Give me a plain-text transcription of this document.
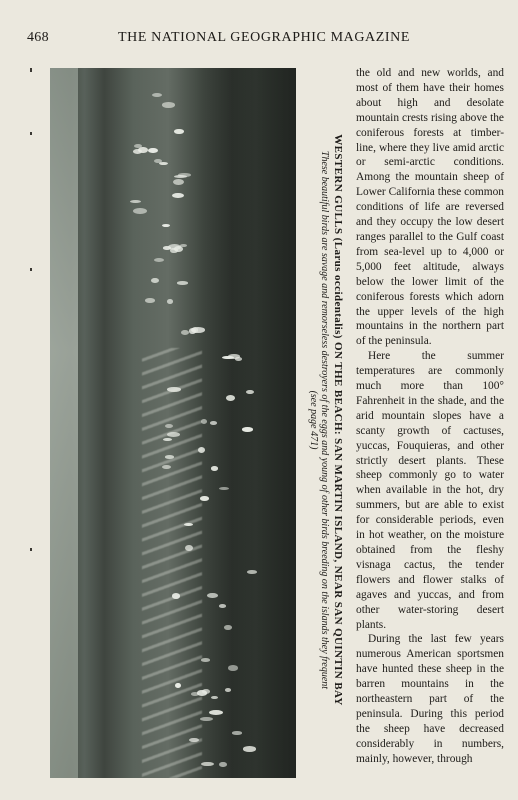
468	THE NATIONAL GEOGRAPHIC MAGAZINE
WESTERN GULLS (Larus occidentalis) ON THE BEACH: SAN MARTIN ISLAND, NEAR SAN QUINTIN BAY
These beautiful birds are savage and remorseless destroyers of the eggs and young of other birds breeding on the islands they frequent
(see page 471)

the old and new worlds, and most of them have their homes about high and desolate mountain crests rising above the coniferous forests at timber-line, where they live amid arctic or semi-arctic conditions. Among the mountain sheep of Lower California these common conditions of life are reversed and they occupy the low desert ranges parallel to the Gulf coast from sea-level up to 4,000 or 5,000 feet altitude, always below the lower limit of the coniferous forests which adorn the upper levels of the high mountains in the northern part of the peninsula.

Here the summer temperatures are commonly much more than 100° Fahrenheit in the shade, and the arid mountain slopes have a scanty growth of cactuses, yuccas, Fouquieras, and other strictly desert plants. These sheep commonly go to water when available in the hot, dry summers, but are able to exist for considerable periods, even in hot weather, on the moisture obtained from the fleshy visnaga cactus, the tender flowers and flower stalks of agaves and yuccas, and from other water-storing desert plants.

During the last few years numerous American sportsmen have hunted these sheep in the barren mountains in the northeastern part of the peninsula. During this period the sheep have decreased considerably in numbers, mainly, however, through
